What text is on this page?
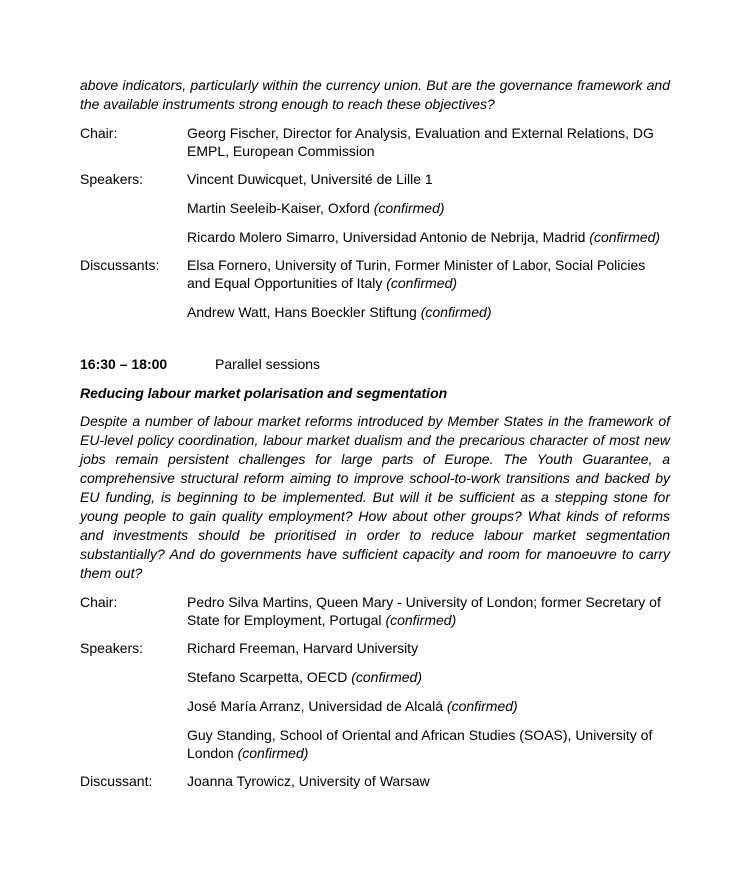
above indicators, particularly within the currency union. But are the governance framework and the available instruments strong enough to reach these objectives?

Chair:	Georg Fischer, Director for Analysis, Evaluation and External Relations, DG EMPL, European Commission
Speakers:	Vincent Duwicquet, Université de Lille 1
Martin Seeleib-Kaiser, Oxford (confirmed)
Ricardo Molero Simarro, Universidad Antonio de Nebrija, Madrid (confirmed)
Discussants:	Elsa Fornero, University of Turin, Former Minister of Labor, Social Policies and Equal Opportunities of Italy (confirmed)
Andrew Watt, Hans Boeckler Stiftung (confirmed)
16:30 – 18:00	Parallel sessions
Reducing labour market polarisation and segmentation

Despite a number of labour market reforms introduced by Member States in the framework of EU-level policy coordination, labour market dualism and the precarious character of most new jobs remain persistent challenges for large parts of Europe. The Youth Guarantee, a comprehensive structural reform aiming to improve school-to-work transitions and backed by EU funding, is beginning to be implemented. But will it be sufficient as a stepping stone for young people to gain quality employment? How about other groups? What kinds of reforms and investments should be prioritised in order to reduce labour market segmentation substantially? And do governments have sufficient capacity and room for manoeuvre to carry them out?

Chair:	Pedro Silva Martins, Queen Mary - University of London; former Secretary of State for Employment, Portugal (confirmed)
Speakers:	Richard Freeman, Harvard University
Stefano Scarpetta, OECD (confirmed)
José María Arranz, Universidad de Alcalá (confirmed)
Guy Standing, School of Oriental and African Studies (SOAS), University of London (confirmed)
Discussant:	Joanna Tyrowicz, University of Warsaw
